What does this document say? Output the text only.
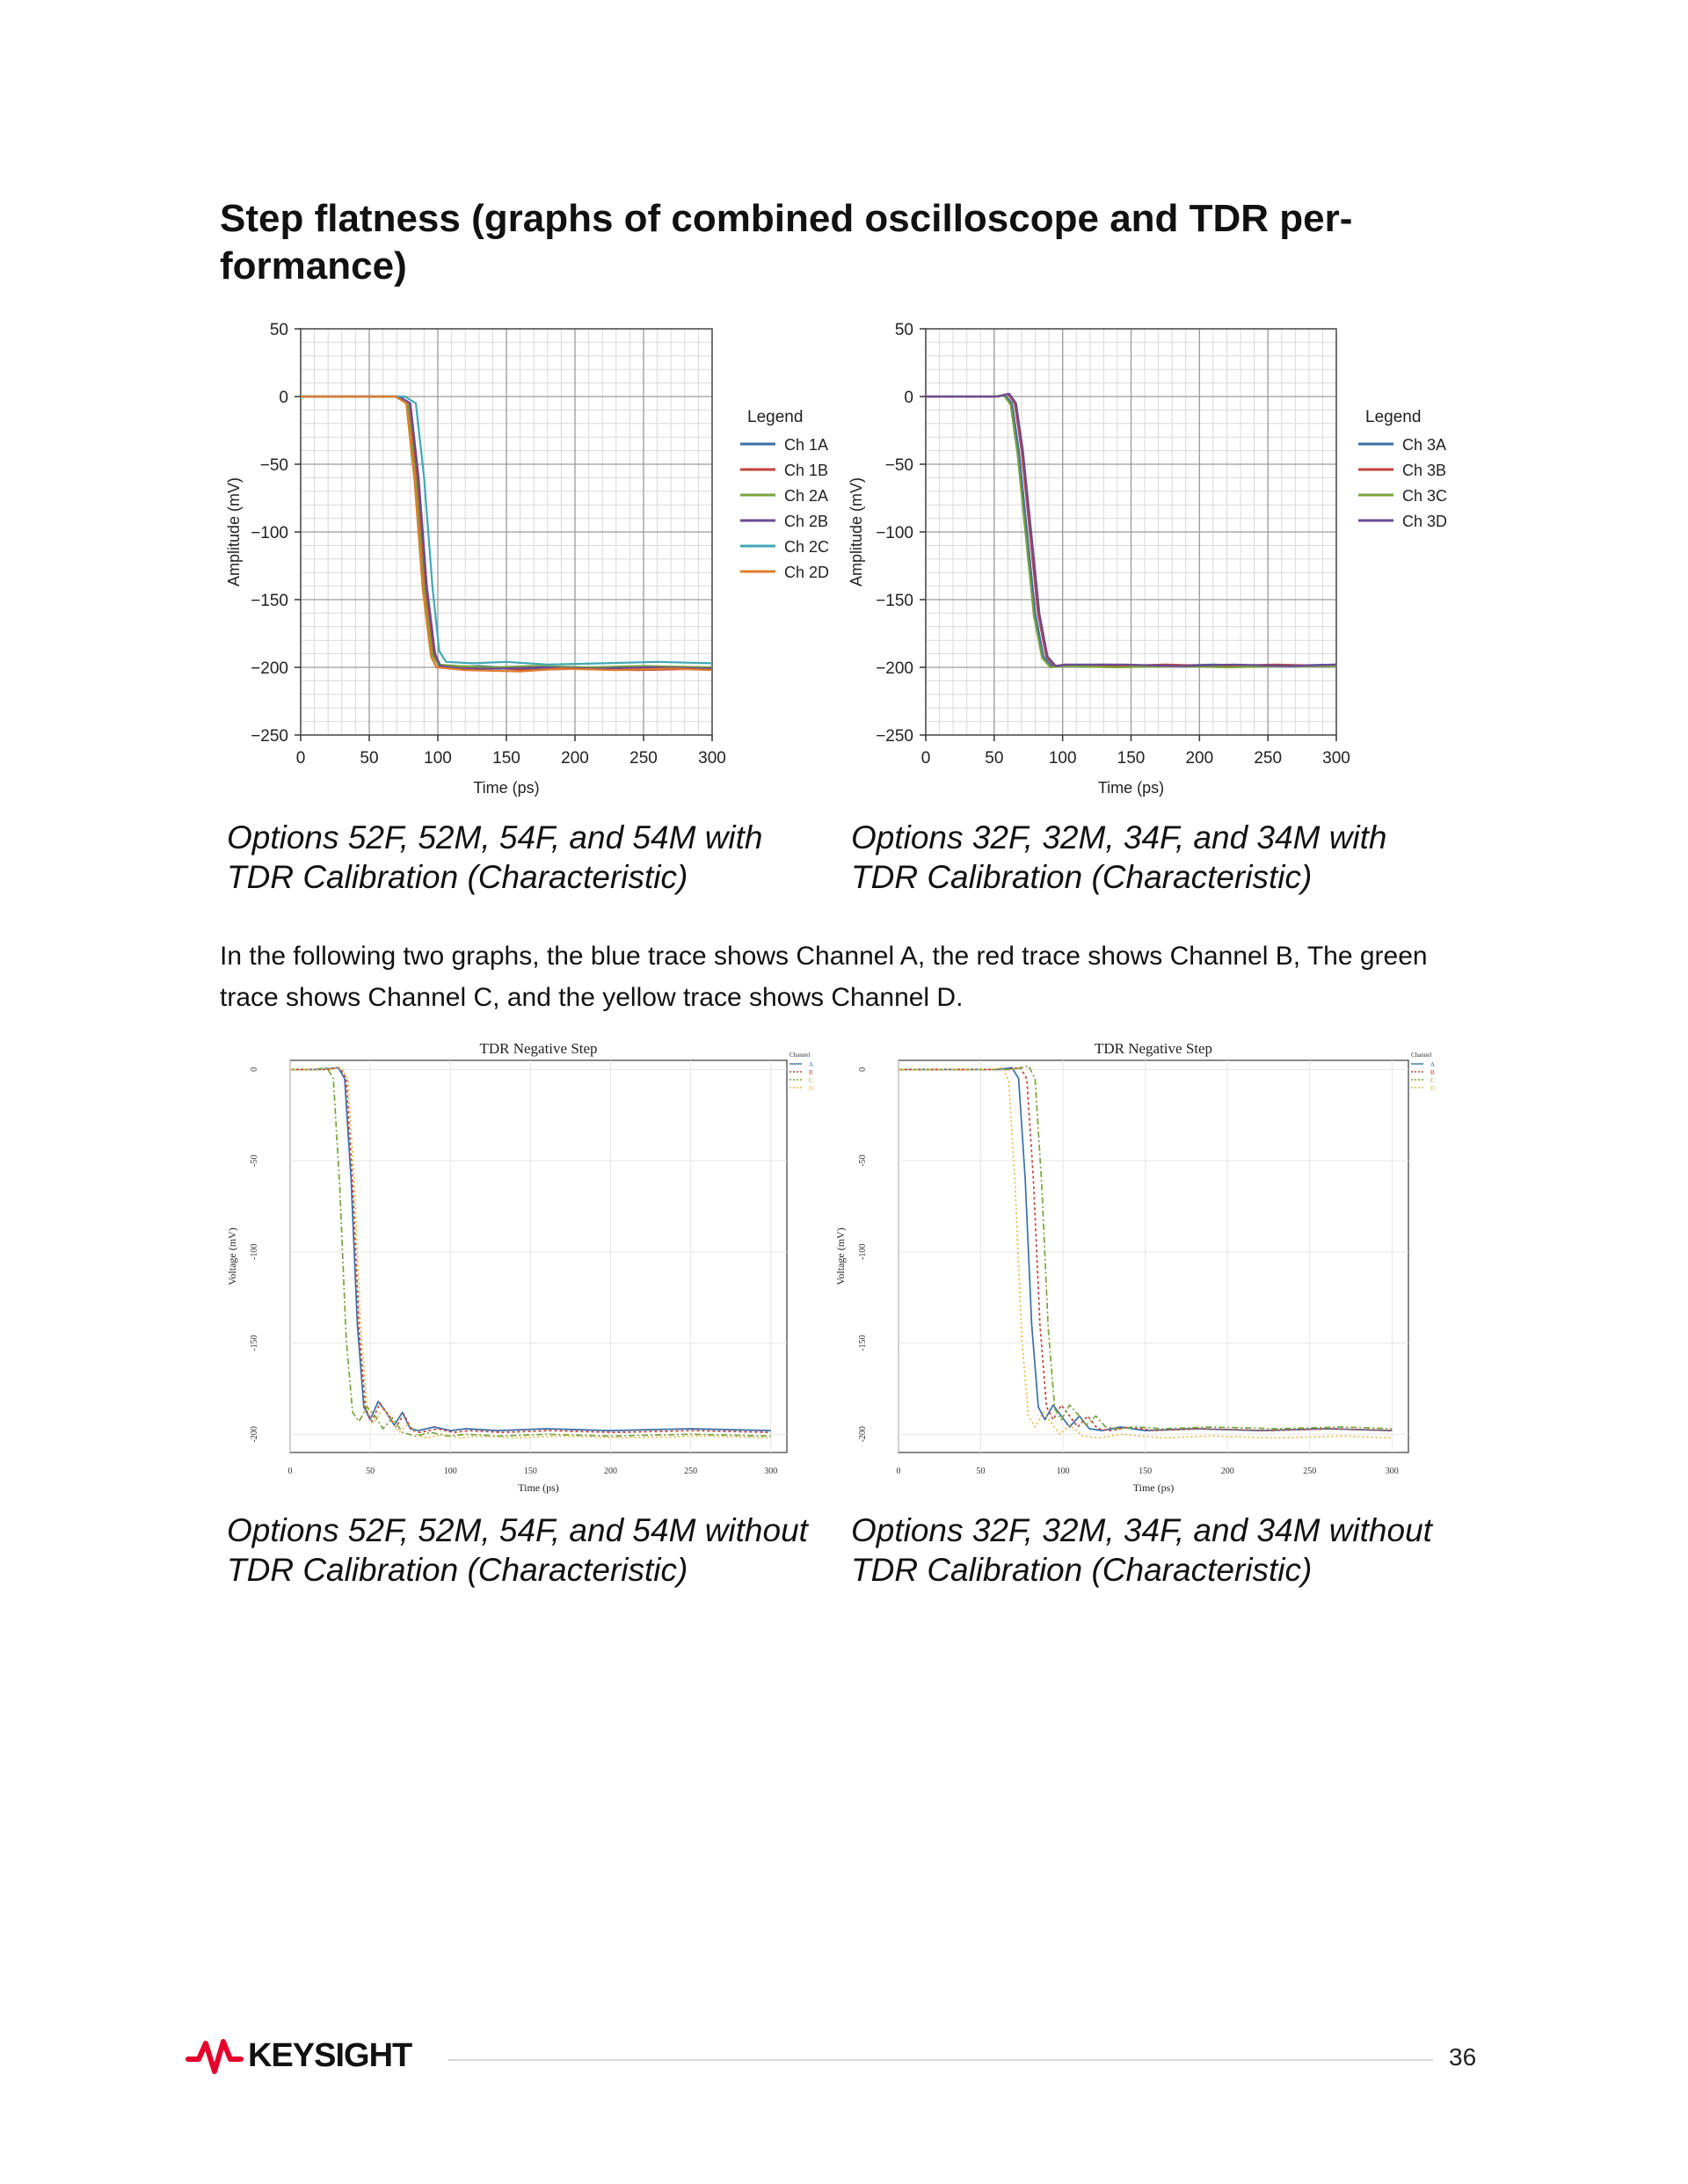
Step flatness (graphs of combined oscilloscope and TDR per-
formance)
0	50	100 150 200 250 300
50
0
−50
−100
−150
−200
−250
Time (ps)
Amplitude (mV)
Legend
Ch 1A
Ch 1B
Ch 2A
Ch 2B
Ch 2C
Ch 2D
0	50	100 150 200 250 300
50
0
−50
−100
−150
−200
−250
Time (ps)
Amplitude (mV)
Legend
Ch 3A
Ch 3B
Ch 3C
Ch 3D
Options 52F, 52M, 54F, and 54M with
TDR Calibration (Characteristic)
Options 32F, 32M, 34F, and 34M with
TDR Calibration (Characteristic)

In the following two graphs, the blue trace shows Channel A, the red trace shows Channel B, The green trace shows Channel C, and the yellow trace shows Channel D.

TDR Negative Step
0	50	100	150	200	250	300
0
-50
-100
-150
-200
Time (ps)
Voltage (mV)
Channel
A
B
C
D
TDR Negative Step
0	50	100	150	200	250	300
0
-50
-100
-150
-200
Time (ps)
Voltage (mV)
Channel
A
B
C
D
Options 52F, 52M, 54F, and 54M without
TDR Calibration (Characteristic)
Options 32F, 32M, 34F, and 34M without
TDR Calibration (Characteristic)
KEYSIGHT	36
